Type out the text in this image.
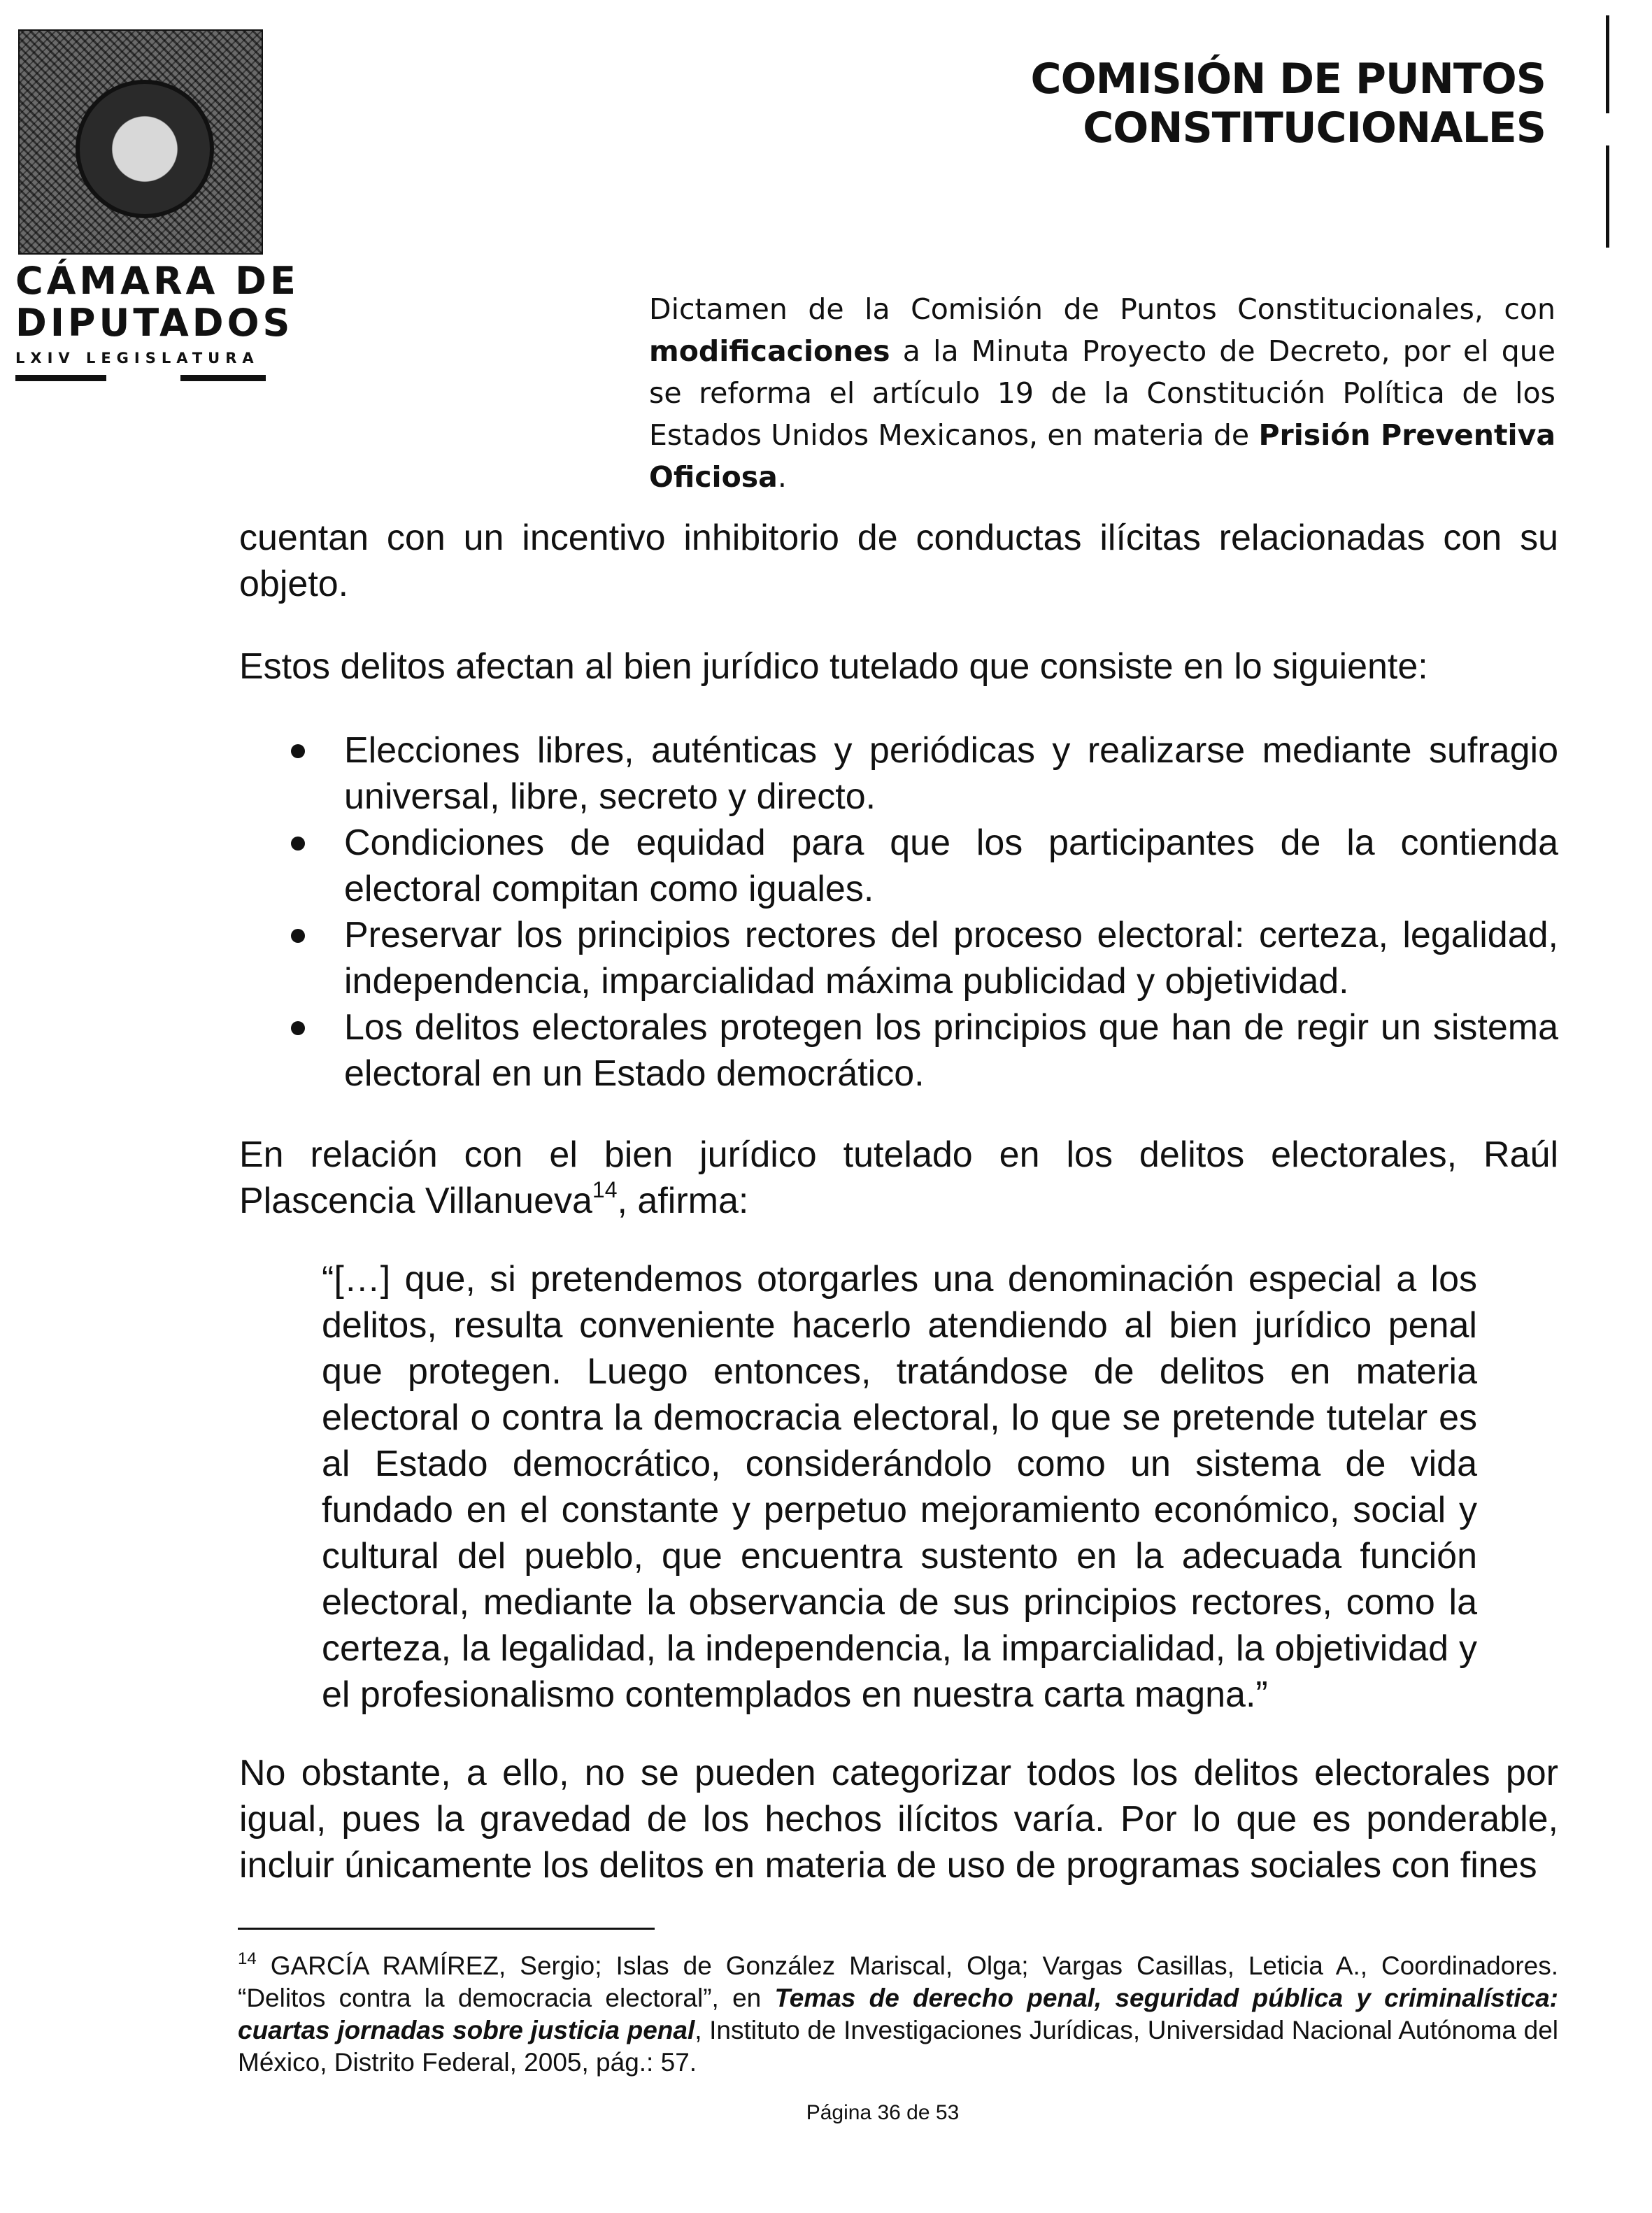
CÁMARA DE
DIPUTADOS
LXIV LEGISLATURA
COMISIÓN DE PUNTOS CONSTITUCIONALES
Dictamen de la Comisión de Puntos Constitucionales, con modificaciones a la Minuta Proyecto de Decreto, por el que se reforma el artículo 19 de la Constitución Política de los Estados Unidos Mexicanos, en materia de Prisión Preventiva Oficiosa.
cuentan con un incentivo inhibitorio de conductas ilícitas relacionadas con su objeto.
Estos delitos afectan al bien jurídico tutelado que consiste en lo siguiente:
Elecciones libres, auténticas y periódicas y realizarse mediante sufragio universal, libre, secreto y directo.
Condiciones de equidad para que los participantes de la contienda electoral compitan como iguales.
Preservar los principios rectores del proceso electoral: certeza, legalidad, independencia, imparcialidad máxima publicidad y objetividad.
Los delitos electorales protegen los principios que han de regir un sistema electoral en un Estado democrático.
En relación con el bien jurídico tutelado en los delitos electorales, Raúl Plascencia Villanueva$^{14}$, afirma:
“[…] que, si pretendemos otorgarles una denominación especial a los delitos, resulta conveniente hacerlo atendiendo al bien jurídico penal que protegen. Luego entonces, tratándose de delitos en materia electoral o contra la democracia electoral, lo que se pretende tutelar es al Estado democrático, considerándolo como un sistema de vida fundado en el constante y perpetuo mejoramiento económico, social y cultural del pueblo, que encuentra sustento en la adecuada función electoral, mediante la observancia de sus principios rectores, como la certeza, la legalidad, la independencia, la imparcialidad, la objetividad y el profesionalismo contemplados en nuestra carta magna.”
No obstante, a ello, no se pueden categorizar todos los delitos electorales por igual, pues la gravedad de los hechos ilícitos varía. Por lo que es ponderable, incluir únicamente los delitos en materia de uso de programas sociales con fines
$^{14}$ GARCÍA RAMÍREZ, Sergio; Islas de González Mariscal, Olga; Vargas Casillas, Leticia A., Coordinadores. “Delitos contra la democracia electoral”, en Temas de derecho penal, seguridad pública y criminalística: cuartas jornadas sobre justicia penal, Instituto de Investigaciones Jurídicas, Universidad Nacional Autónoma del México, Distrito Federal, 2005, pág.: 57.
Página 36 de 53
